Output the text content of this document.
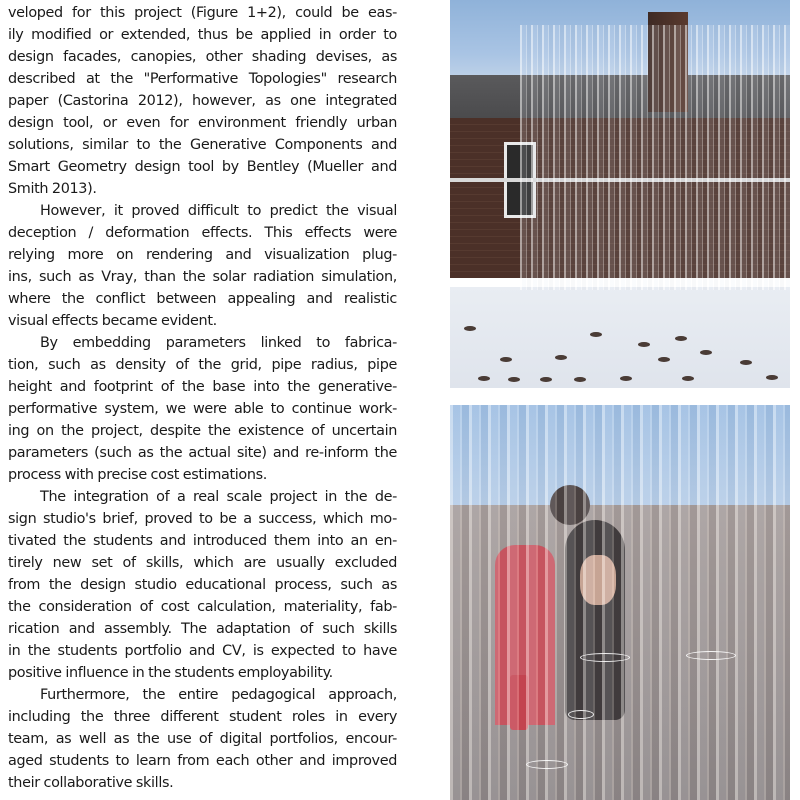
veloped for this project (Figure 1+2), could be eas-
ily modified or extended, thus be applied in order to
design facades, canopies, other shading devises, as
described at the "Performative Topologies" research
paper (Castorina 2012), however, as one integrated
design tool, or even for environment friendly urban
solutions, similar to the Generative Components and
Smart Geometry design tool by Bentley (Mueller and
Smith 2013).
However, it proved difficult to predict the visual
deception / deformation effects. This effects were
relying more on rendering and visualization plug-
ins, such as Vray, than the solar radiation simulation,
where the conflict between appealing and realistic
visual effects became evident.
By embedding parameters linked to fabrica-
tion, such as density of the grid, pipe radius, pipe
height and footprint of the base into the generative-
performative system, we were able to continue work-
ing on the project, despite the existence of uncertain
parameters (such as the actual site) and re-inform the
process with precise cost estimations.
The integration of a real scale project in the de-
sign studio's brief, proved to be a success, which mo-
tivated the students and introduced them into an en-
tirely new set of skills, which are usually excluded
from the design studio educational process, such as
the consideration of cost calculation, materiality, fab-
rication and assembly. The adaptation of such skills
in the students portfolio and CV, is expected to have
positive influence in the students employability.
Furthermore, the entire pedagogical approach,
including the three different student roles in every
team, as well as the use of digital portfolios, encour-
aged students to learn from each other and improved
their collaborative skills.
